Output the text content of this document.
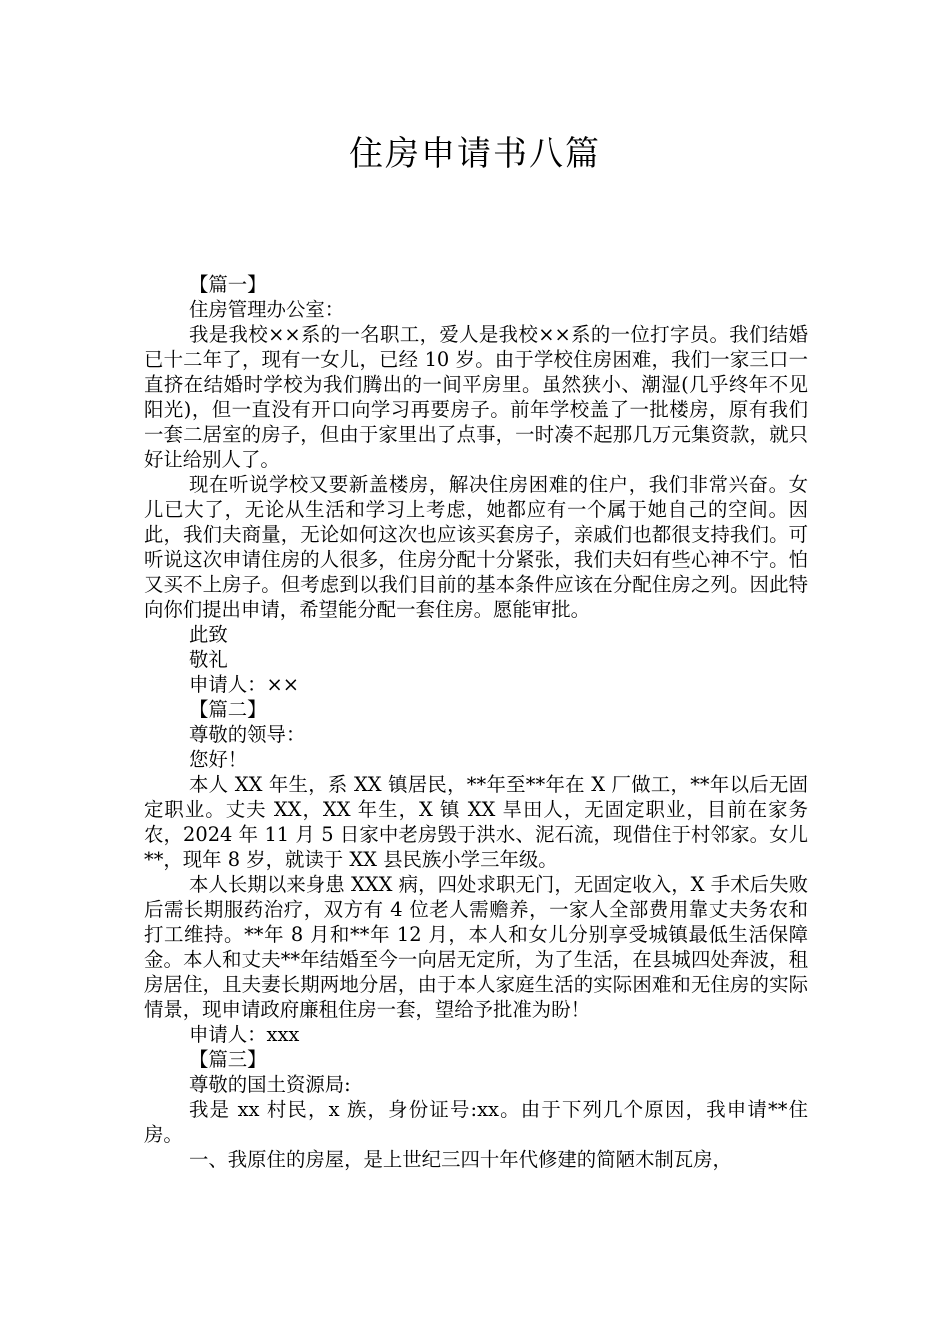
住房申请书八篇

【篇一】

住房管理办公室：

我是我校××系的一名职工，爱人是我校××系的一位打字员。我们结婚已十二年了，现有一女儿，已经 10 岁。由于学校住房困难，我们一家三口一直挤在结婚时学校为我们腾出的一间平房里。虽然狭小、潮湿(几乎终年不见阳光)，但一直没有开口向学习再要房子。前年学校盖了一批楼房，原有我们一套二居室的房子，但由于家里出了点事，一时凑不起那几万元集资款，就只好让给别人了。

现在听说学校又要新盖楼房，解决住房困难的住户，我们非常兴奋。女儿已大了，无论从生活和学习上考虑，她都应有一个属于她自己的空间。因此，我们夫商量，无论如何这次也应该买套房子，亲戚们也都很支持我们。可听说这次申请住房的人很多，住房分配十分紧张，我们夫妇有些心神不宁。怕又买不上房子。但考虑到以我们目前的基本条件应该在分配住房之列。因此特向你们提出申请，希望能分配一套住房。愿能审批。

此致

敬礼

申请人：××

【篇二】

尊敬的领导：

您好！

本人 XX 年生，系 XX 镇居民，**年至**年在 X 厂做工，**年以后无固定职业。丈夫 XX，XX 年生，X 镇 XX 旱田人，无固定职业，目前在家务农，2024 年 11 月 5 日家中老房毁于洪水、泥石流，现借住于村邻家。女儿**，现年 8 岁，就读于 XX 县民族小学三年级。

本人长期以来身患 XXX 病，四处求职无门，无固定收入，X 手术后失败后需长期服药治疗，双方有 4 位老人需赡养，一家人全部费用靠丈夫务农和打工维持。**年 8 月和**年 12 月，本人和女儿分别享受城镇最低生活保障金。本人和丈夫**年结婚至今一向居无定所，为了生活，在县城四处奔波，租房居住，且夫妻长期两地分居，由于本人家庭生活的实际困难和无住房的实际情景，现申请政府廉租住房一套，望给予批准为盼！

申请人：xxx

【篇三】

尊敬的国土资源局:

我是 xx 村民，x 族，身份证号:xx。由于下列几个原因，我申请**住房。

一、我原住的房屋，是上世纪三四十年代修建的简陋木制瓦房，
